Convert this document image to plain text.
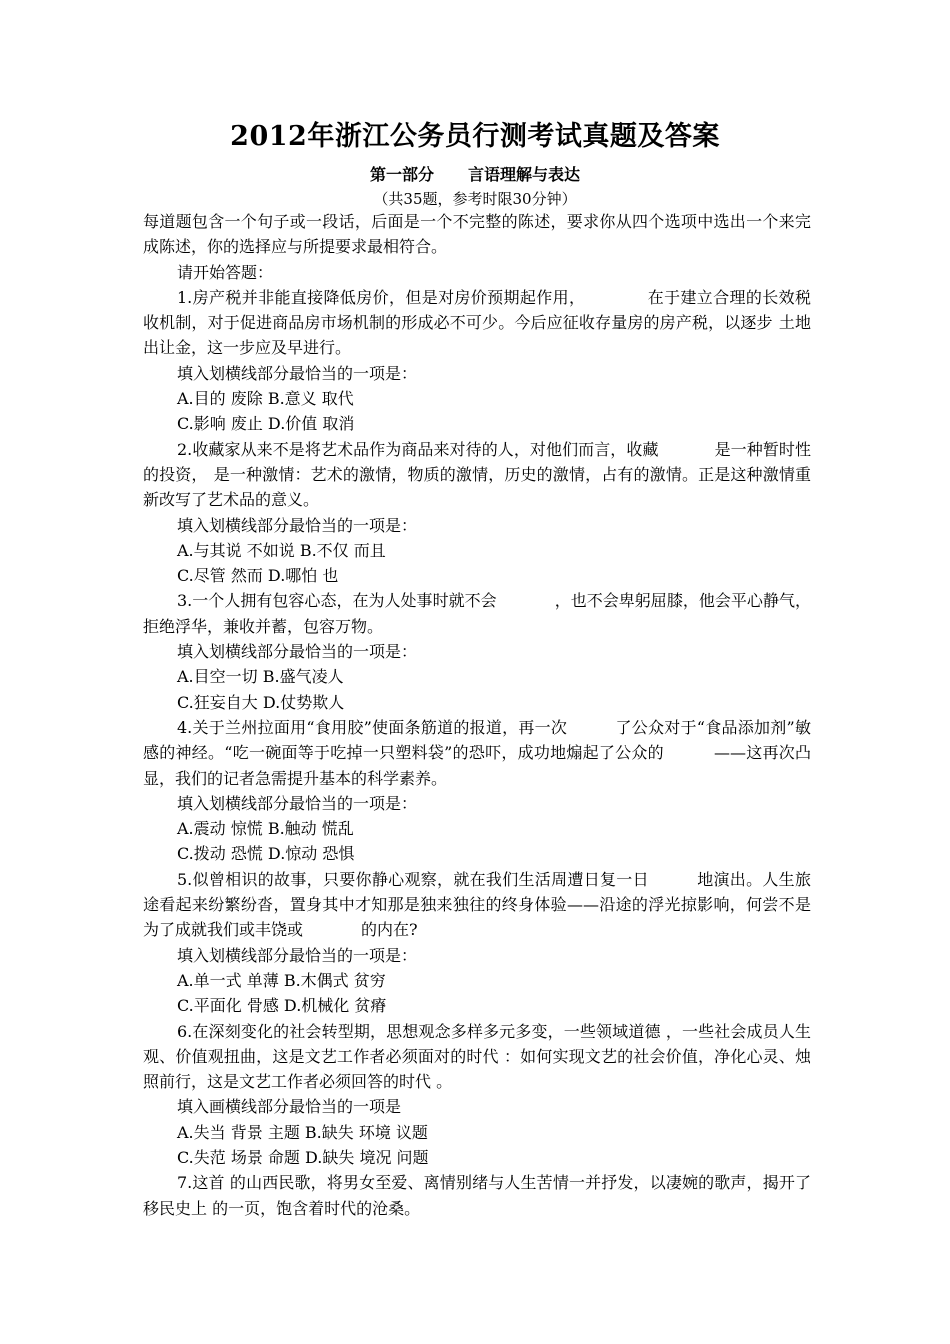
2012年浙江公务员行测考试真题及答案
第一部分 言语理解与表达
（共35题，参考时限30分钟）

每道题包含一个句子或一段话，后面是一个不完整的陈述，要求你从四个选项中选出一个来完成陈述，你的选择应与所提要求最相符合。

请开始答题：

1.房产税并非能直接降低房价，但是对房价预期起作用，	在于建立合理的长效税收机制，对于促进商品房市场机制的形成必不可少。今后应征收存量房的房产税，以逐步 土地出让金，这一步应及早进行。

填入划横线部分最恰当的一项是：

A.目的 废除 B.意义 取代

C.影响 废止 D.价值 取消

2.收藏家从来不是将艺术品作为商品来对待的人，对他们而言，收藏	是一种暂时性的投资， 是一种激情：艺术的激情，物质的激情，历史的激情，占有的激情。正是这种激情重新改写了艺术品的意义。

填入划横线部分最恰当的一项是：

A.与其说 不如说 B.不仅 而且

C.尽管 然而 D.哪怕 也

3.一个人拥有包容心态，在为人处事时就不会	，也不会卑躬屈膝，他会平心静气，拒绝浮华，兼收并蓄，包容万物。

填入划横线部分最恰当的一项是：

A.目空一切 B.盛气凌人

C.狂妄自大 D.仗势欺人

4.关于兰州拉面用“食用胶”使面条筋道的报道，再一次	了公众对于“食品添加剂”敏感的神经。“吃一碗面等于吃掉一只塑料袋”的恐吓，成功地煽起了公众的	——这再次凸显，我们的记者急需提升基本的科学素养。

填入划横线部分最恰当的一项是：

A.震动 惊慌 B.触动 慌乱

C.拨动 恐慌 D.惊动 恐惧

5.似曾相识的故事，只要你静心观察，就在我们生活周遭日复一日	地演出。人生旅途看起来纷繁纷沓，置身其中才知那是独来独往的终身体验——沿途的浮光掠影响，何尝不是为了成就我们或丰饶或	的内在?

填入划横线部分最恰当的一项是：

A.单一式 单薄 B.木偶式 贫穷

C.平面化 骨感 D.机械化 贫瘠

6.在深刻变化的社会转型期，思想观念多样多元多变，一些领域道德 ，一些社会成员人生观、价值观扭曲，这是文艺工作者必须面对的时代 ：如何实现文艺的社会价值，净化心灵、烛照前行，这是文艺工作者必须回答的时代 。

填入画横线部分最恰当的一项是

A.失当 背景 主题 B.缺失 环境 议题

C.失范 场景 命题 D.缺失 境况 问题

7.这首 的山西民歌，将男女至爱、离情别绪与人生苦情一并抒发，以凄婉的歌声，揭开了移民史上 的一页，饱含着时代的沧桑。
